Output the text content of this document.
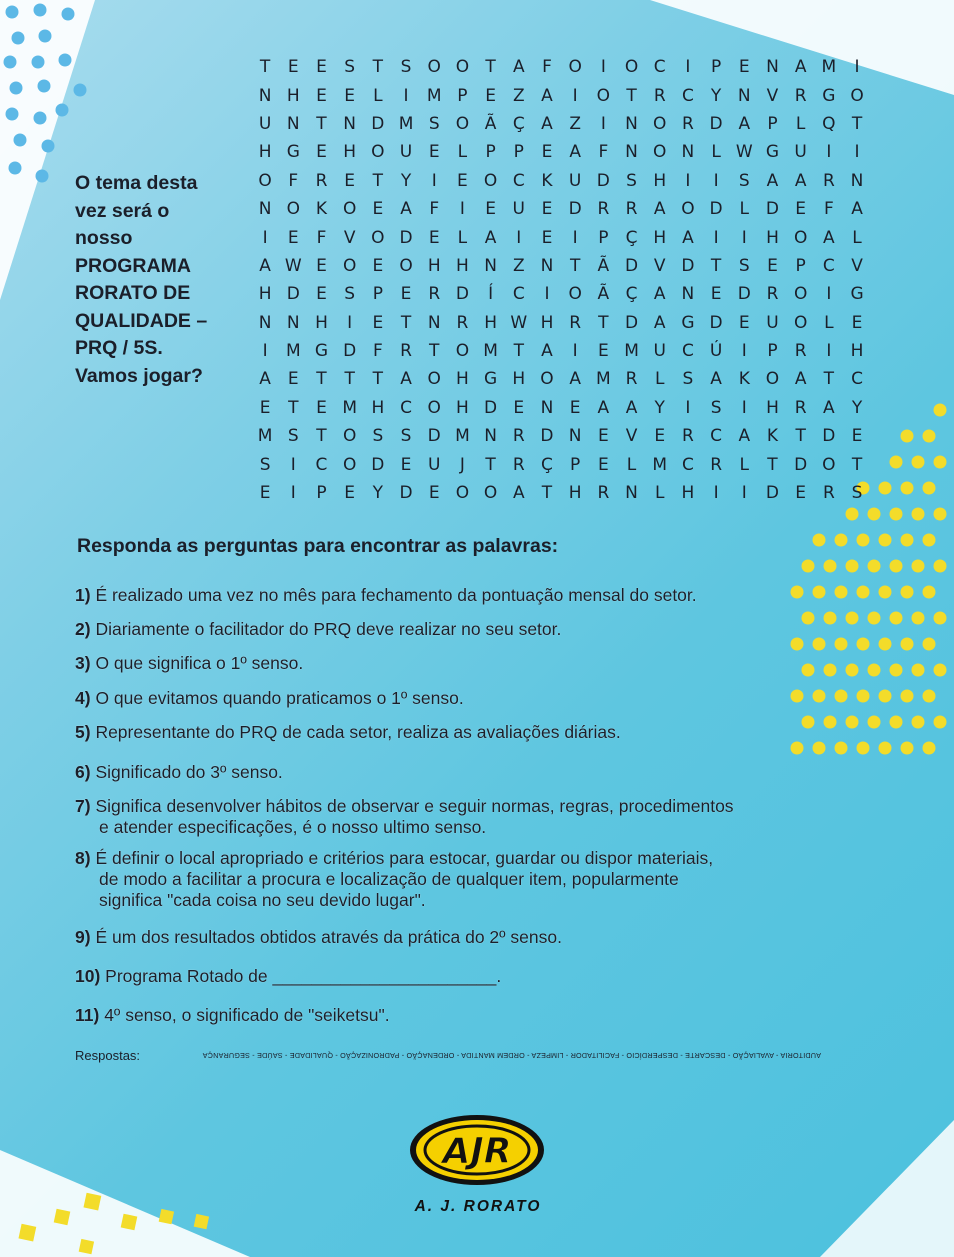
O tema desta
vez será o
nosso
PROGRAMA
RORATO DE
QUALIDADE –
PRQ / 5S.
Vamos jogar?
T	E	E	S	T	S O O T	A	F O	I	O C	I	P	E N A M	I
N H E	E	L	I	M P	E Z A	I	O T	R C	Y N V R G O
U N T N D M S O Ã Ç A Z	I	N O R D A	P	L Q T
H G E H O U E	L	P	P	E A	F N O N	L W G U	I	I
O F	R E	T	Y	I	E O C K U D S H	I	I	S A A R N
N O K O E A	F	I	E U E D R R A O D L D E	F	A
I	E	F	V O D E	L	A	I	E	I	P	Ç H A	I	I	H O A	L
A W E O E O H H N Z N T	Ã D V D T	S	E	P	C V
H D E	S	P	E R D	Í	C	I	O Ã Ç A N E D R O	I	G
N N H	I	E	T N R H W H R	T D A G D E U O L	E
I	M G D F	R	T O M T	A	I	E M U C Ú	I	P	R	I	H
A	E	T	T	T	A O H G H O A M R	L	S A K O A	T	C
E	T	E M H C O H D E N E A A	Y	I	S	I	H R A	Y
M S	T O S	S D M N R D N E V	E R C A K	T D E
S	I	C O D E U	J	T	R Ç	P	E	L M C R	L	T D O T
E	I	P	E	Y D E O O A	T H R N	L	H	I	I	D E R S
Responda as perguntas para encontrar as palavras:
1) É realizado uma vez no mês para fechamento da pontuação mensal do setor.
2) Diariamente o facilitador do PRQ deve realizar no seu setor.
3) O que significa o 1º senso.
4) O que evitamos quando praticamos o 1º senso.
5) Representante do PRQ de cada setor, realiza as avaliações diárias.
6) Significado do 3º senso.
7) Significa desenvolver hábitos de observar e seguir normas, regras, procedimentos
e atender especificações, é o nosso ultimo senso.
8) É definir o local apropriado e critérios para estocar, guardar ou dispor materiais,
de modo a facilitar a procura e localização de qualquer item, popularmente
significa "cada coisa no seu devido lugar".
9) É um dos resultados obtidos através da prática do 2º senso.
10) Programa Rotado de _______________________.
11) 4º senso, o significado de "seiketsu".
Respostas:	AUDITORIA - AVALIAÇÃO - DESCARTE - DESPERDÍCIO - FACILITADOR - LIMPEZA - ORDEM MANTIDA - ORDENAÇÃO - PADRONIZAÇÃO - QUALIDADE - SAÚDE - SEGURANÇA
AJR
A. J. RORATO
